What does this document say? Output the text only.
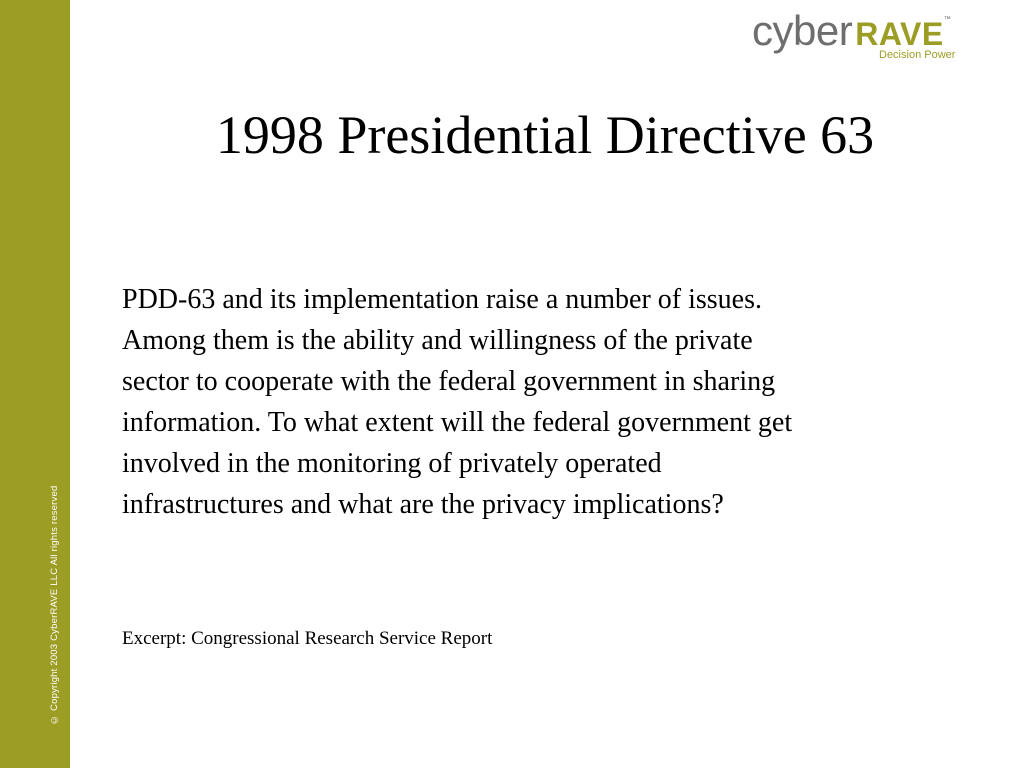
© Copyright 2003 CyberRAVE LLC All rights reserved
cyberRAVE™
Decision Power
1998 Presidential Directive 63
PDD-63 and its implementation raise a number of issues.
Among them is the ability and willingness of the private
sector to cooperate with the federal government in sharing
information. To what extent will the federal government get
involved in the monitoring of privately operated
infrastructures and what are the privacy implications?

Excerpt: Congressional Research Service Report
